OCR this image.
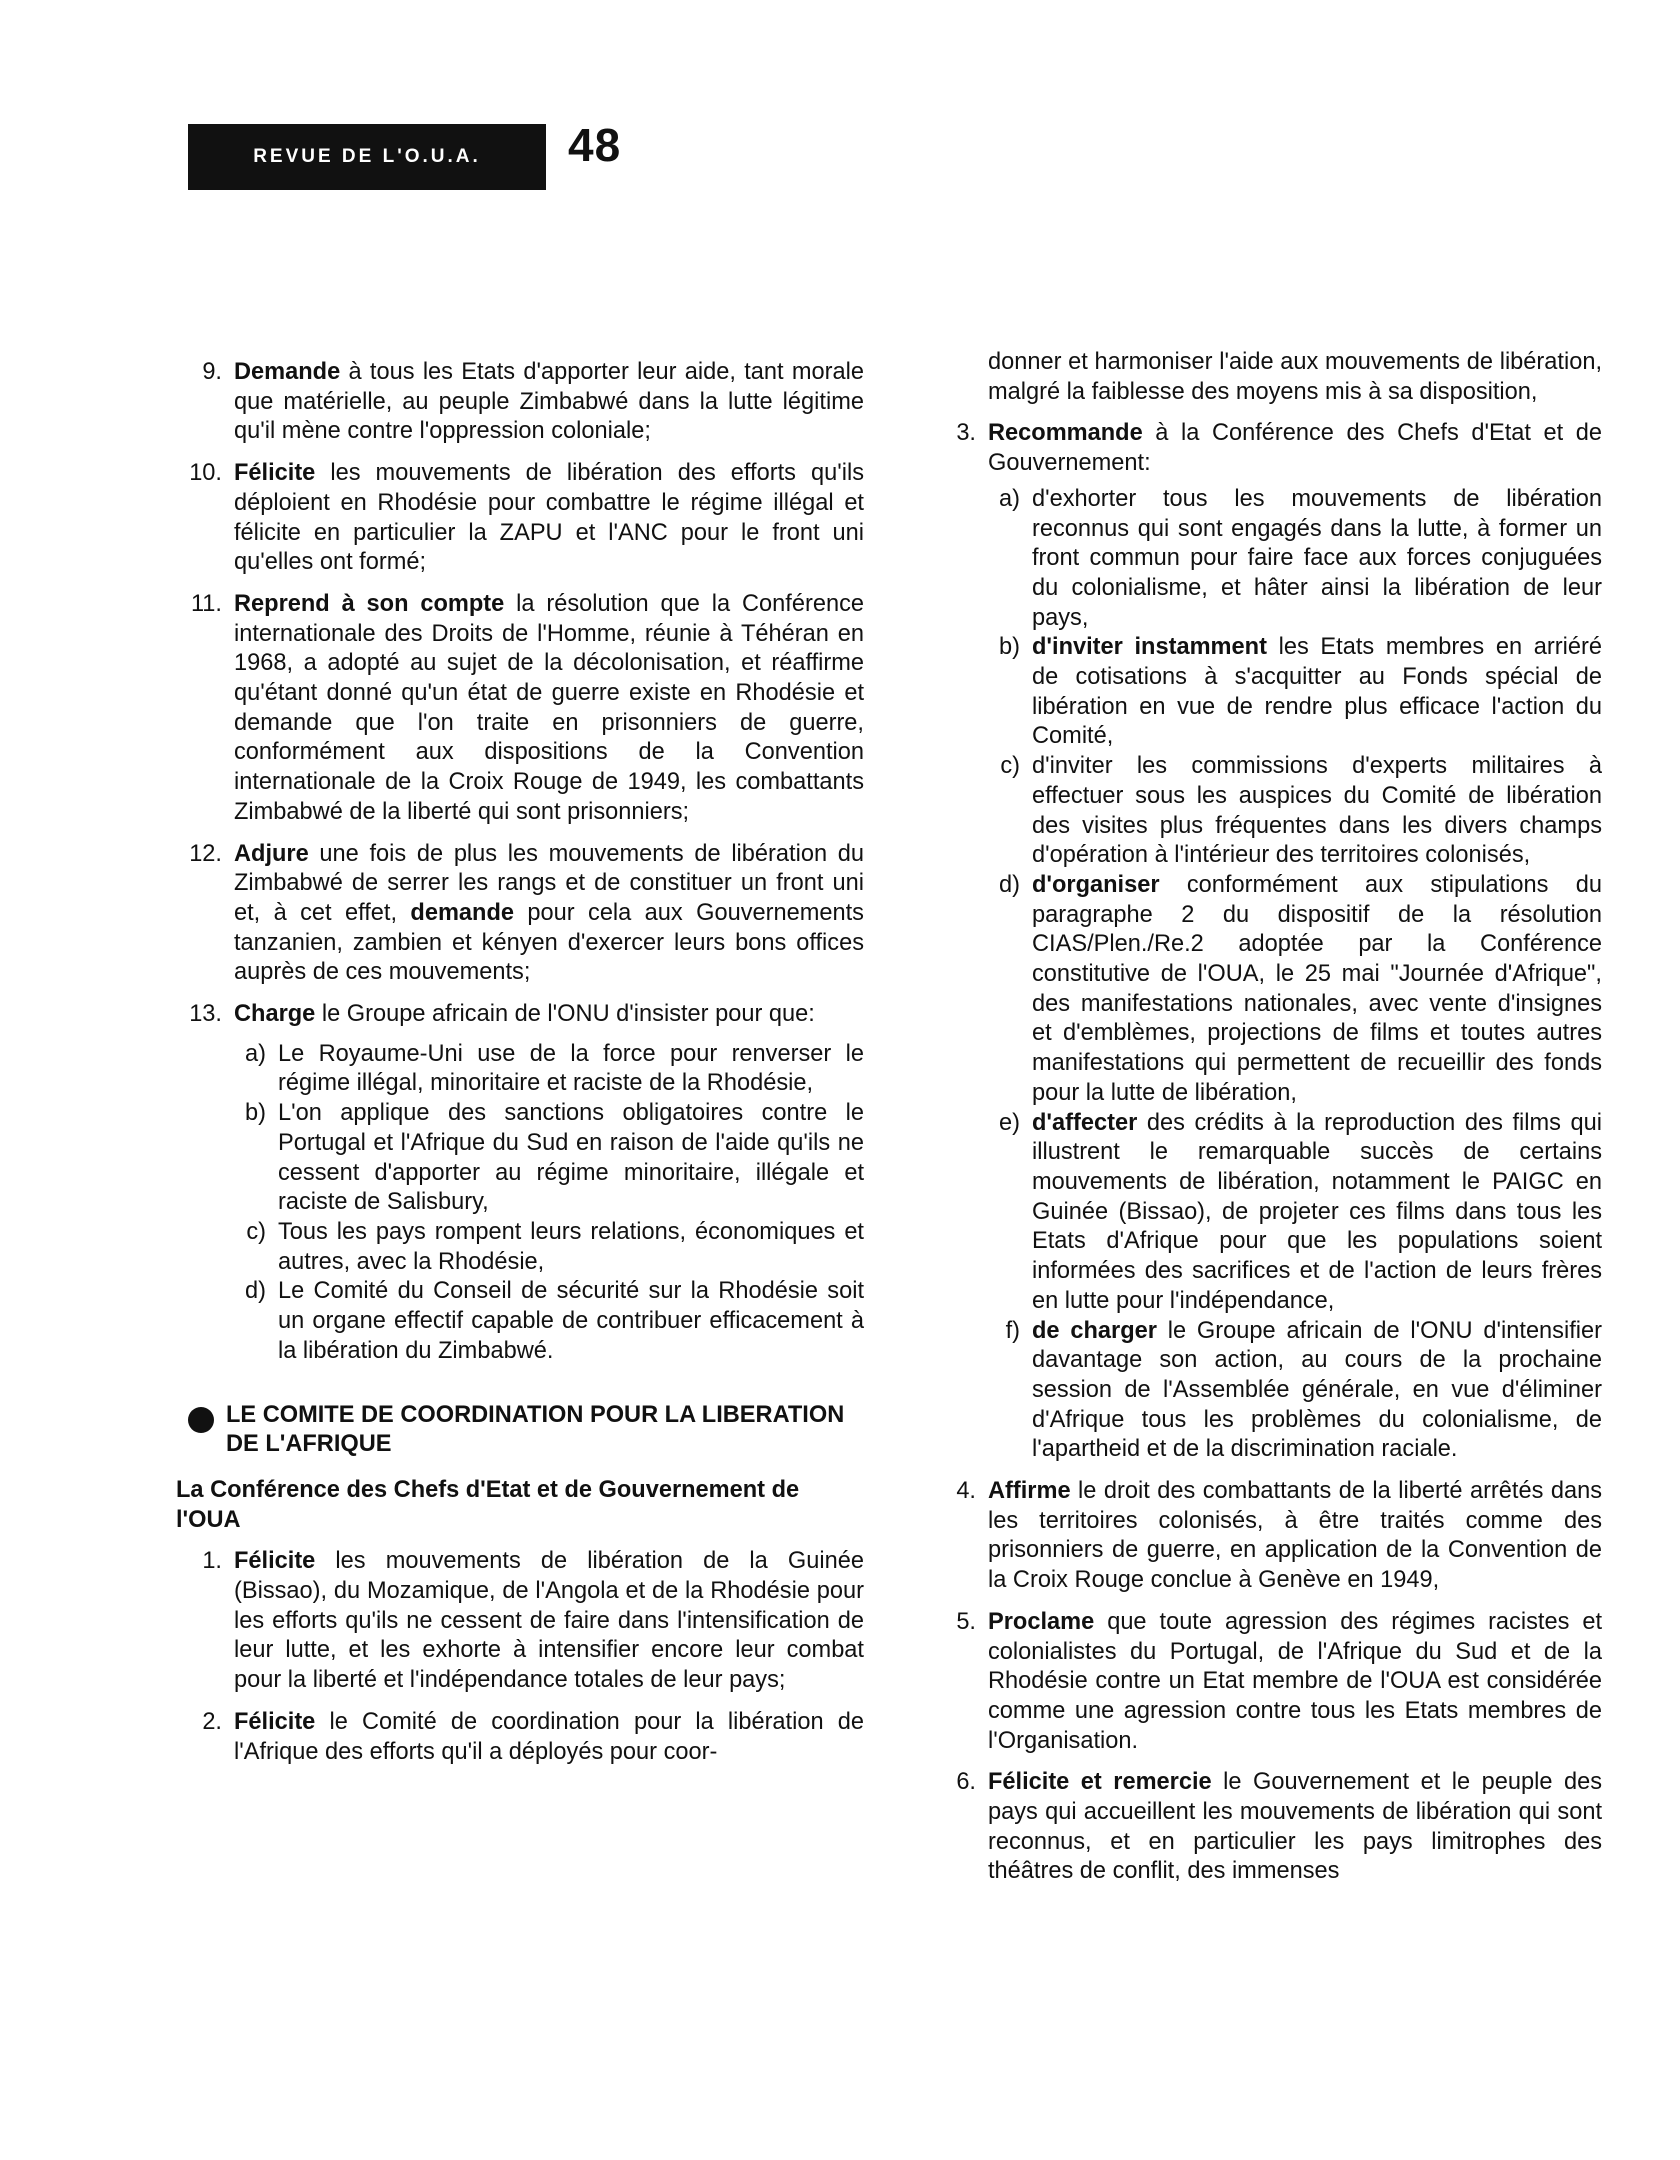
REVUE DE L'O.U.A. 48
9. Demande à tous les Etats d'apporter leur aide, tant morale que matérielle, au peuple Zimbabwé dans la lutte légitime qu'il mène contre l'oppression coloniale;
10. Félicite les mouvements de libération des efforts qu'ils déploient en Rhodésie pour combattre le régime illégal et félicite en particulier la ZAPU et l'ANC pour le front uni qu'elles ont formé;
11. Reprend à son compte la résolution que la Conférence internationale des Droits de l'Homme, réunie à Téhéran en 1968, a adopté au sujet de la décolonisation, et réaffirme qu'étant donné qu'un état de guerre existe en Rhodésie et demande que l'on traite en prisonniers de guerre, conformément aux dispositions de la Convention internationale de la Croix Rouge de 1949, les combattants Zimbabwé de la liberté qui sont prisonniers;
12. Adjure une fois de plus les mouvements de libération du Zimbabwé de serrer les rangs et de constituer un front uni et, à cet effet, demande pour cela aux Gouvernements tanzanien, zambien et kényen d'exercer leurs bons offices auprès de ces mouvements;
13. Charge le Groupe africain de l'ONU d'insister pour que:
a) Le Royaume-Uni use de la force pour renverser le régime illégal, minoritaire et raciste de la Rhodésie,
b) L'on applique des sanctions obligatoires contre le Portugal et l'Afrique du Sud en raison de l'aide qu'ils ne cessent d'apporter au régime minoritaire, illégale et raciste de Salisbury,
c) Tous les pays rompent leurs relations, économiques et autres, avec la Rhodésie,
d) Le Comité du Conseil de sécurité sur la Rhodésie soit un organe effectif capable de contribuer efficacement à la libération du Zimbabwé.
LE COMITE DE COORDINATION POUR LA LIBERATION DE L'AFRIQUE
La Conférence des Chefs d'Etat et de Gouvernement de l'OUA
1. Félicite les mouvements de libération de la Guinée (Bissao), du Mozamique, de l'Angola et de la Rhodésie pour les efforts qu'ils ne cessent de faire dans l'intensification de leur lutte, et les exhorte à intensifier encore leur combat pour la liberté et l'indépendance totales de leur pays;
2. Félicite le Comité de coordination pour la libération de l'Afrique des efforts qu'il a déployés pour coor-
donner et harmoniser l'aide aux mouvements de libération, malgré la faiblesse des moyens mis à sa disposition,
3. Recommande à la Conférence des Chefs d'Etat et de Gouvernement:
a) d'exhorter tous les mouvements de libération reconnus qui sont engagés dans la lutte, à former un front commun pour faire face aux forces conjuguées du colonialisme, et hâter ainsi la libération de leur pays,
b) d'inviter instamment les Etats membres en arriéré de cotisations à s'acquitter au Fonds spécial de libération en vue de rendre plus efficace l'action du Comité,
c) d'inviter les commissions d'experts militaires à effectuer sous les auspices du Comité de libération des visites plus fréquentes dans les divers champs d'opération à l'intérieur des territoires colonisés,
d) d'organiser conformément aux stipulations du paragraphe 2 du dispositif de la résolution CIAS/Plen./Re.2 adoptée par la Conférence constitutive de l'OUA, le 25 mai "Journée d'Afrique", des manifestations nationales, avec vente d'insignes et d'emblèmes, projections de films et toutes autres manifestations qui permettent de recueillir des fonds pour la lutte de libération,
e) d'affecter des crédits à la reproduction des films qui illustrent le remarquable succès de certains mouvements de libération, notamment le PAIGC en Guinée (Bissao), de projeter ces films dans tous les Etats d'Afrique pour que les populations soient informées des sacrifices et de l'action de leurs frères en lutte pour l'indépendance,
f) de charger le Groupe africain de l'ONU d'intensifier davantage son action, au cours de la prochaine session de l'Assemblée générale, en vue d'éliminer d'Afrique tous les problèmes du colonialisme, de l'apartheid et de la discrimination raciale.
4. Affirme le droit des combattants de la liberté arrêtés dans les territoires colonisés, à être traités comme des prisonniers de guerre, en application de la Convention de la Croix Rouge conclue à Genève en 1949,
5. Proclame que toute agression des régimes racistes et colonialistes du Portugal, de l'Afrique du Sud et de la Rhodésie contre un Etat membre de l'OUA est considérée comme une agression contre tous les Etats membres de l'Organisation.
6. Félicite et remercie le Gouvernement et le peuple des pays qui accueillent les mouvements de libération qui sont reconnus, et en particulier les pays limitrophes des théâtres de conflit, des immenses
